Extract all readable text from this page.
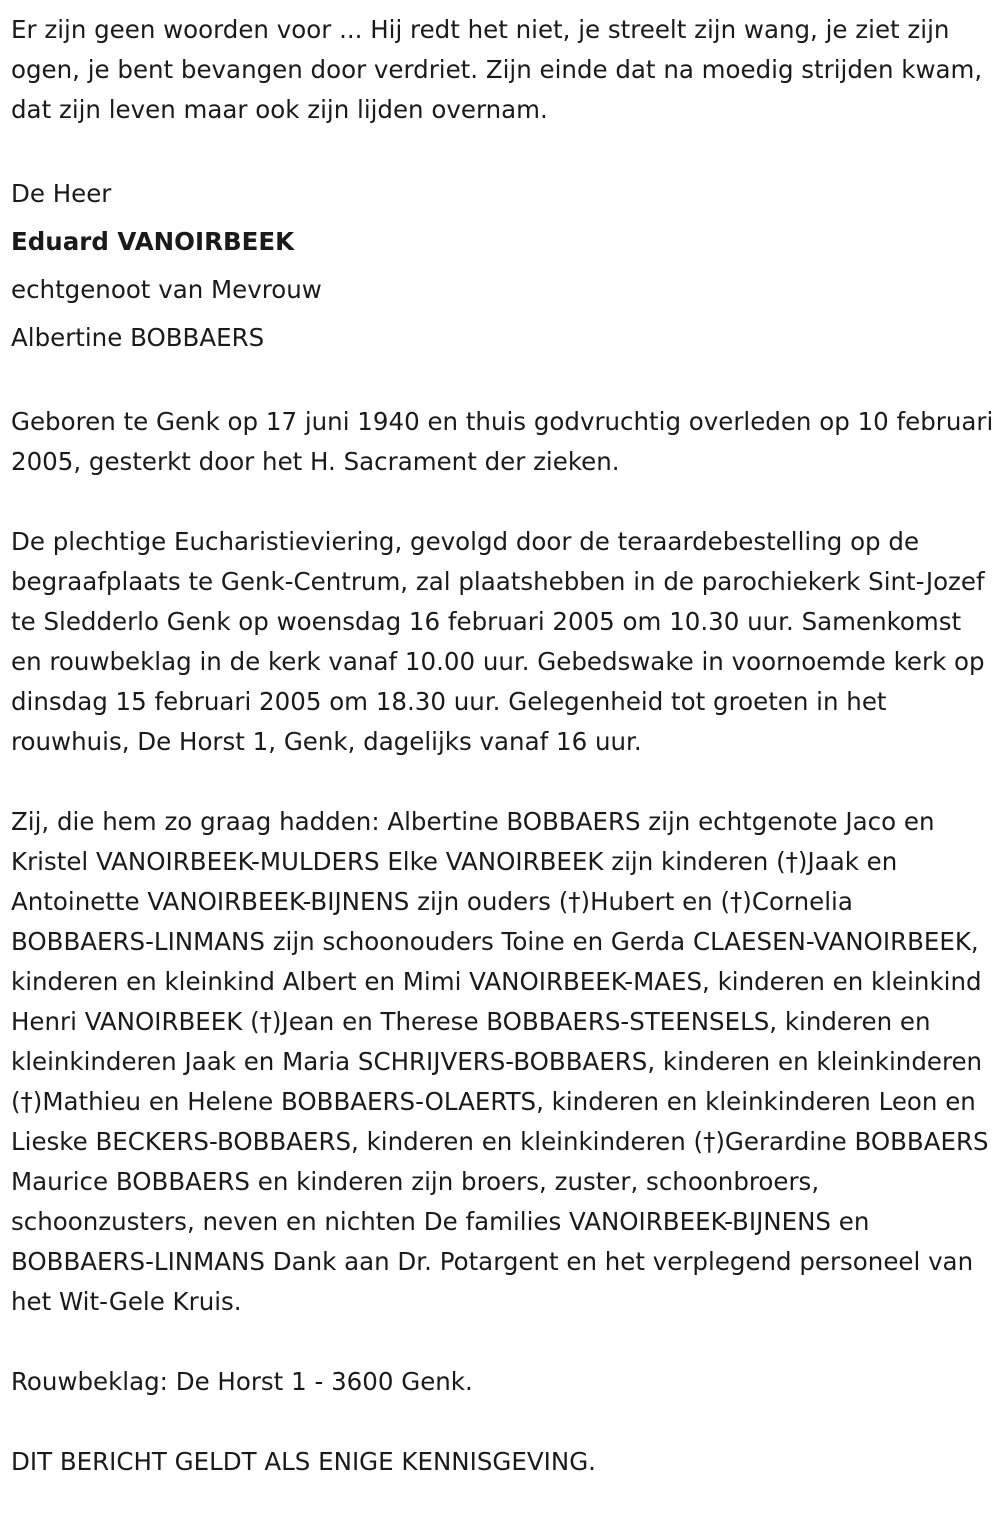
Er zijn geen woorden voor ... Hij redt het niet, je streelt zijn wang, je ziet zijn ogen, je bent bevangen door verdriet. Zijn einde dat na moedig strijden kwam, dat zijn leven maar ook zijn lijden overnam.

De Heer

Eduard VANOIRBEEK

echtgenoot van Mevrouw

Albertine BOBBAERS

Geboren te Genk op 17 juni 1940 en thuis godvruchtig overleden op 10 februari 2005, gesterkt door het H. Sacrament der zieken.

De plechtige Eucharistieviering, gevolgd door de teraardebestelling op de begraafplaats te Genk-Centrum, zal plaatshebben in de parochiekerk Sint-Jozef te Sledderlo Genk op woensdag 16 februari 2005 om 10.30 uur. Samenkomst en rouwbeklag in de kerk vanaf 10.00 uur. Gebedswake in voornoemde kerk op dinsdag 15 februari 2005 om 18.30 uur. Gelegenheid tot groeten in het rouwhuis, De Horst 1, Genk, dagelijks vanaf 16 uur.

Zij, die hem zo graag hadden: Albertine BOBBAERS zijn echtgenote Jaco en Kristel VANOIRBEEK-MULDERS Elke VANOIRBEEK zijn kinderen (†)Jaak en Antoinette VANOIRBEEK-BIJNENS zijn ouders (†)Hubert en (†)Cornelia BOBBAERS-LINMANS zijn schoonouders Toine en Gerda CLAESEN-VANOIRBEEK, kinderen en kleinkind Albert en Mimi VANOIRBEEK-MAES, kinderen en kleinkind Henri VANOIRBEEK (†)Jean en Therese BOBBAERS-STEENSELS, kinderen en kleinkinderen Jaak en Maria SCHRIJVERS-BOBBAERS, kinderen en kleinkinderen (†)Mathieu en Helene BOBBAERS-OLAERTS, kinderen en kleinkinderen Leon en Lieske BECKERS-BOBBAERS, kinderen en kleinkinderen (†)Gerardine BOBBAERS Maurice BOBBAERS en kinderen zijn broers, zuster, schoonbroers, schoonzusters, neven en nichten De families VANOIRBEEK-BIJNENS en BOBBAERS-LINMANS Dank aan Dr. Potargent en het verplegend personeel van het Wit-Gele Kruis.

Rouwbeklag: De Horst 1 - 3600 Genk.

DIT BERICHT GELDT ALS ENIGE KENNISGEVING.
